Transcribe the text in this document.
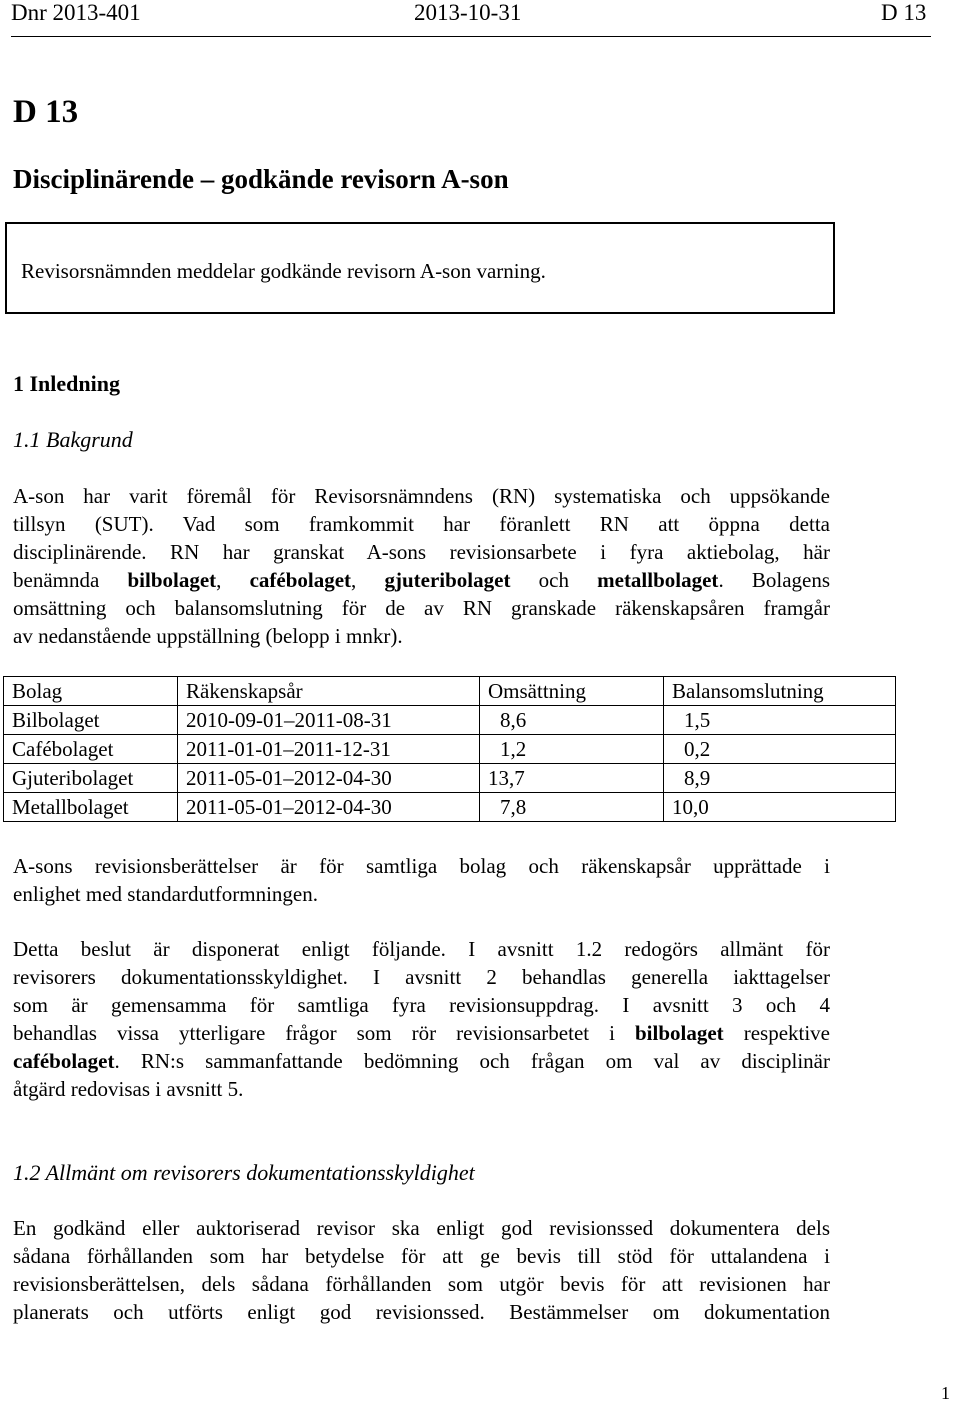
Dnr 2013-401	2013-10-31	D 13
D 13
Disciplinärende – godkände revisorn A-son
Revisorsnämnden meddelar godkände revisorn A-son varning.
1 Inledning
1.1 Bakgrund
A-son har varit föremål för Revisorsnämndens (RN) systematiska och uppsökande
tillsyn (SUT). Vad som framkommit har föranlett RN att öppna detta
disciplinärende. RN har granskat A-sons revisionsarbete i fyra aktiebolag, här
benämnda bilbolaget, cafébolaget, gjuteribolaget och metallbolaget. Bolagens
omsättning och balansomslutning för de av RN granskade räkenskapsåren framgår
av nedanstående uppställning (belopp i mnkr).
Bolag	Räkenskapsår	Omsättning	Balansomslutning
Bilbolaget	2010-09-01–2011-08-31	8,6	1,5
Cafébolaget	2011-01-01–2011-12-31	1,2	0,2
Gjuteribolaget	2011-05-01–2012-04-30	13,7	8,9
Metallbolaget	2011-05-01–2012-04-30	7,8	10,0
A-sons revisionsberättelser är för samtliga bolag och räkenskapsår upprättade i
enlighet med standardutformningen.
Detta beslut är disponerat enligt följande. I avsnitt 1.2 redogörs allmänt för
revisorers dokumentationsskyldighet. I avsnitt 2 behandlas generella iakttagelser
som är gemensamma för samtliga fyra revisionsuppdrag. I avsnitt 3 och 4
behandlas vissa ytterligare frågor som rör revisionsarbetet i bilbolaget respektive
cafébolaget. RN:s sammanfattande bedömning och frågan om val av disciplinär
åtgärd redovisas i avsnitt 5.
1.2 Allmänt om revisorers dokumentationsskyldighet
En godkänd eller auktoriserad revisor ska enligt god revisionssed dokumentera dels
sådana förhållanden som har betydelse för att ge bevis till stöd för uttalandena i
revisionsberättelsen, dels sådana förhållanden som utgör bevis för att revisionen har
planerats och utförts enligt god revisionssed. Bestämmelser om dokumentation
1
